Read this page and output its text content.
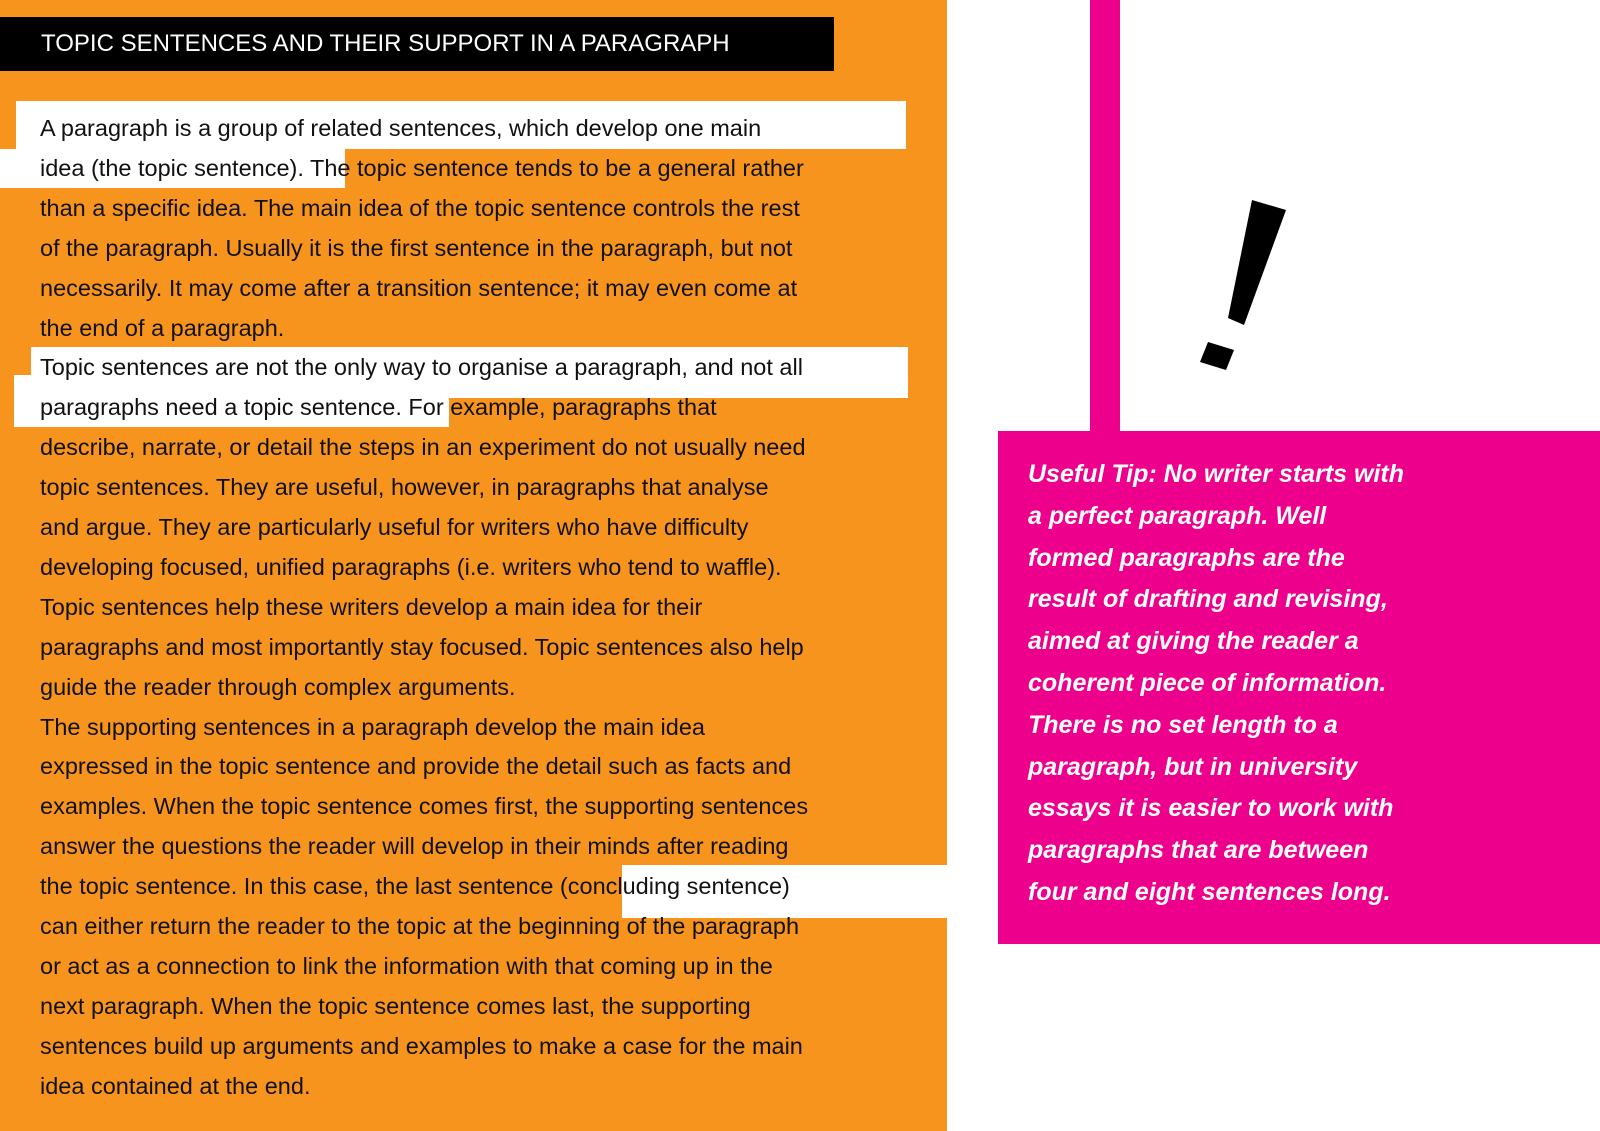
TOPIC SENTENCES AND THEIR SUPPORT IN A PARAGRAPH
A paragraph is a group of related sentences, which develop one main
idea (the topic sentence). The topic sentence tends to be a general rather
than a specific idea. The main idea of the topic sentence controls the rest
of the paragraph. Usually it is the first sentence in the paragraph, but not
necessarily. It may come after a transition sentence; it may even come at
the end of a paragraph.
Topic sentences are not the only way to organise a paragraph, and not all
paragraphs need a topic sentence. For example, paragraphs that
describe, narrate, or detail the steps in an experiment do not usually need
topic sentences. They are useful, however, in paragraphs that analyse
and argue. They are particularly useful for writers who have difficulty
developing focused, unified paragraphs (i.e. writers who tend to waffle).
Topic sentences help these writers develop a main idea for their
paragraphs and most importantly stay focused. Topic sentences also help
guide the reader through complex arguments.
The supporting sentences in a paragraph develop the main idea
expressed in the topic sentence and provide the detail such as facts and
examples. When the topic sentence comes first, the supporting sentences
answer the questions the reader will develop in their minds after reading
the topic sentence. In this case, the last sentence (concluding sentence)
can either return the reader to the topic at the beginning of the paragraph
or act as a connection to link the information with that coming up in the
next paragraph. When the topic sentence comes last, the supporting
sentences build up arguments and examples to make a case for the main
idea contained at the end.
Useful Tip: No writer starts with
a perfect paragraph. Well
formed paragraphs are the
result of drafting and revising,
aimed at giving the reader a
coherent piece of information.
There is no set length to a
paragraph, but in university
essays it is easier to work with
paragraphs that are between
four and eight sentences long.
